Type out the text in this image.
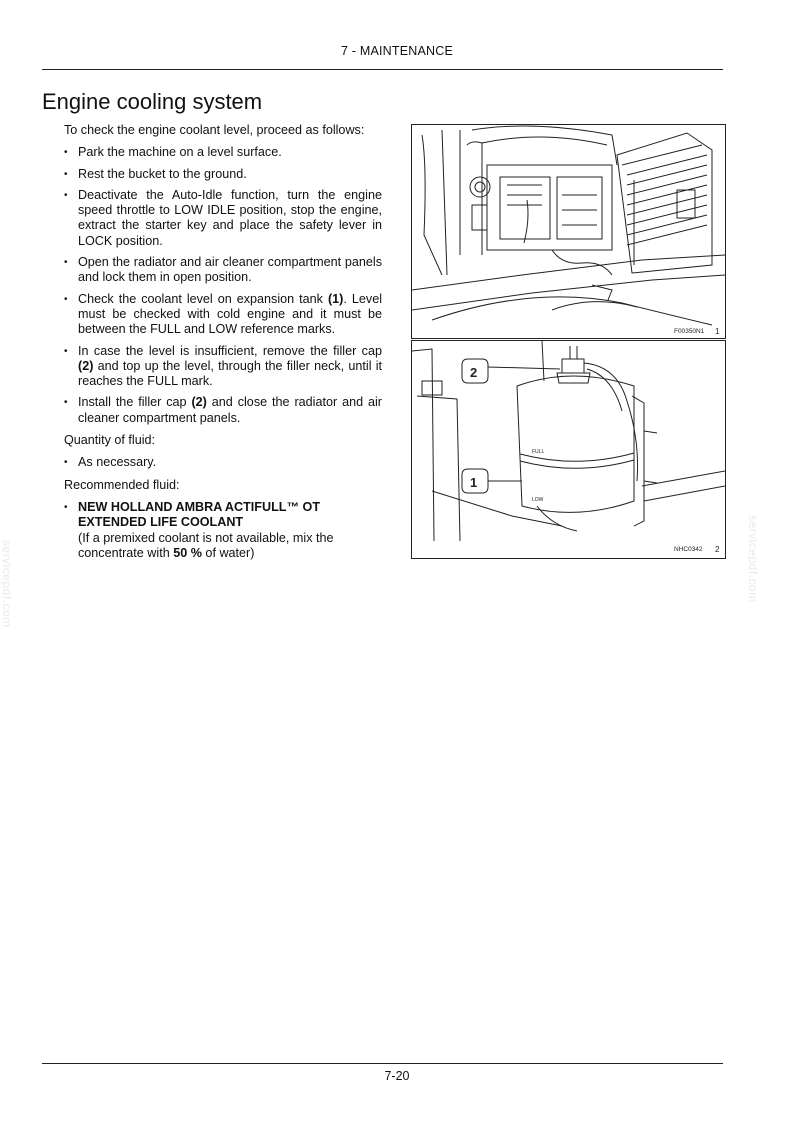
7 - MAINTENANCE
Engine cooling system

To check the engine coolant level, proceed as follows:

• Park the machine on a level surface.
• Rest the bucket to the ground.
• Deactivate the Auto-Idle function, turn the engine speed throttle to LOW IDLE position, stop the engine, extract the starter key and place the safety lever in LOCK position.
• Open the radiator and air cleaner compartment panels and lock them in open position.
• Check the coolant level on expansion tank (1). Level must be checked with cold engine and it must be between the FULL and LOW reference marks.
• In case the level is insufficient, remove the filler cap (2) and top up the level, through the filler neck, until it reaches the FULL mark.
• Install the filler cap (2) and close the radiator and air cleaner compartment panels.

Quantity of fluid:

• As necessary.

Recommended fluid:

• NEW HOLLAND AMBRA ACTIFULL™ OT EXTENDED LIFE COOLANT
(If a premixed coolant is not available, mix the concentrate with 50 % of water)
F00350N1 1
2
1
FULL
LOW
NHC0342 2
servicepdf.com	servicepdf.com
7-20
